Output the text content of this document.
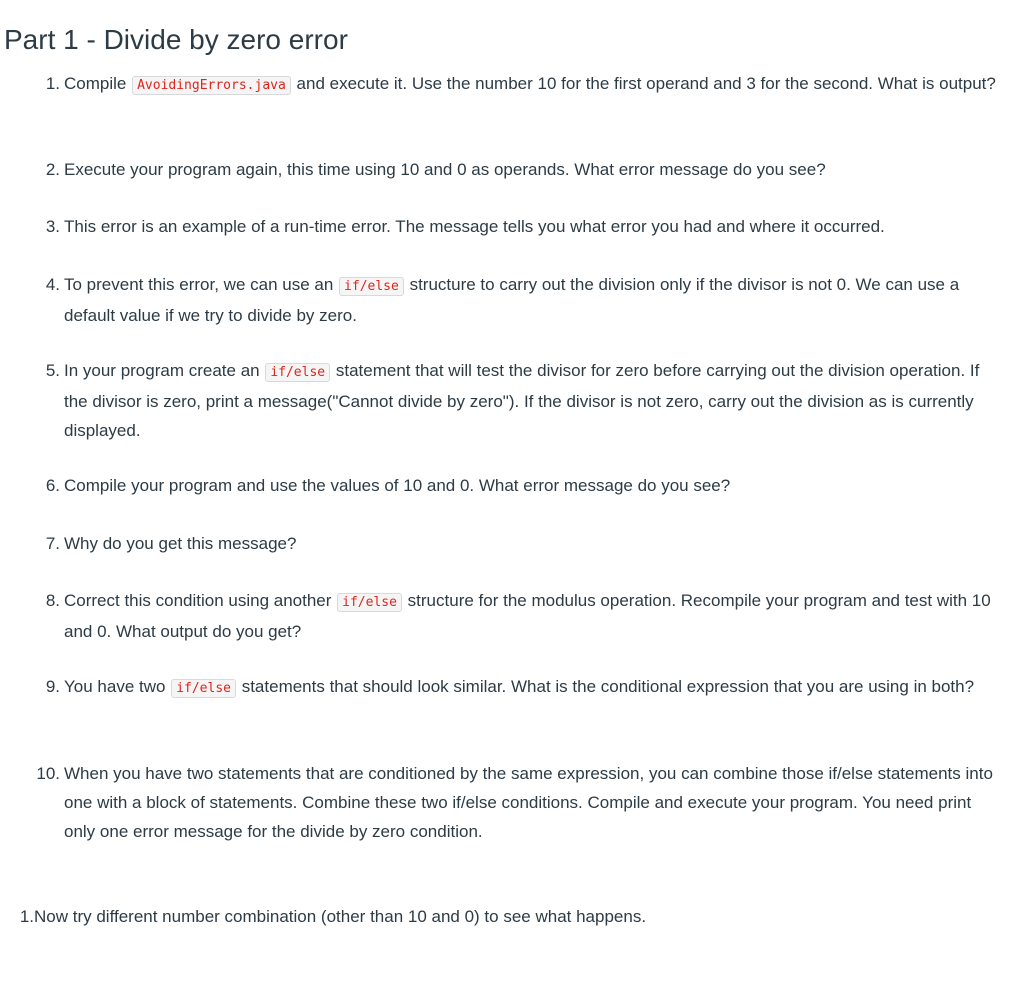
Part 1 - Divide by zero error
1. Compile AvoidingErrors.java and execute it. Use the number 10 for the first operand and 3 for the second. What is output?
2. Execute your program again, this time using 10 and 0 as operands. What error message do you see?
3. This error is an example of a run-time error. The message tells you what error you had and where it occurred.
4. To prevent this error, we can use an if/else structure to carry out the division only if the divisor is not 0. We can use a default value if we try to divide by zero.
5. In your program create an if/else statement that will test the divisor for zero before carrying out the division operation. If the divisor is zero, print a message("Cannot divide by zero"). If the divisor is not zero, carry out the division as is currently displayed.
6. Compile your program and use the values of 10 and 0. What error message do you see?
7. Why do you get this message?
8. Correct this condition using another if/else structure for the modulus operation. Recompile your program and test with 10 and 0. What output do you get?
9. You have two if/else statements that should look similar. What is the conditional expression that you are using in both?
10. When you have two statements that are conditioned by the same expression, you can combine those if/else statements into one with a block of statements. Combine these two if/else conditions. Compile and execute your program. You need print only one error message for the divide by zero condition.
1. Now try different number combination (other than 10 and 0) to see what happens.
